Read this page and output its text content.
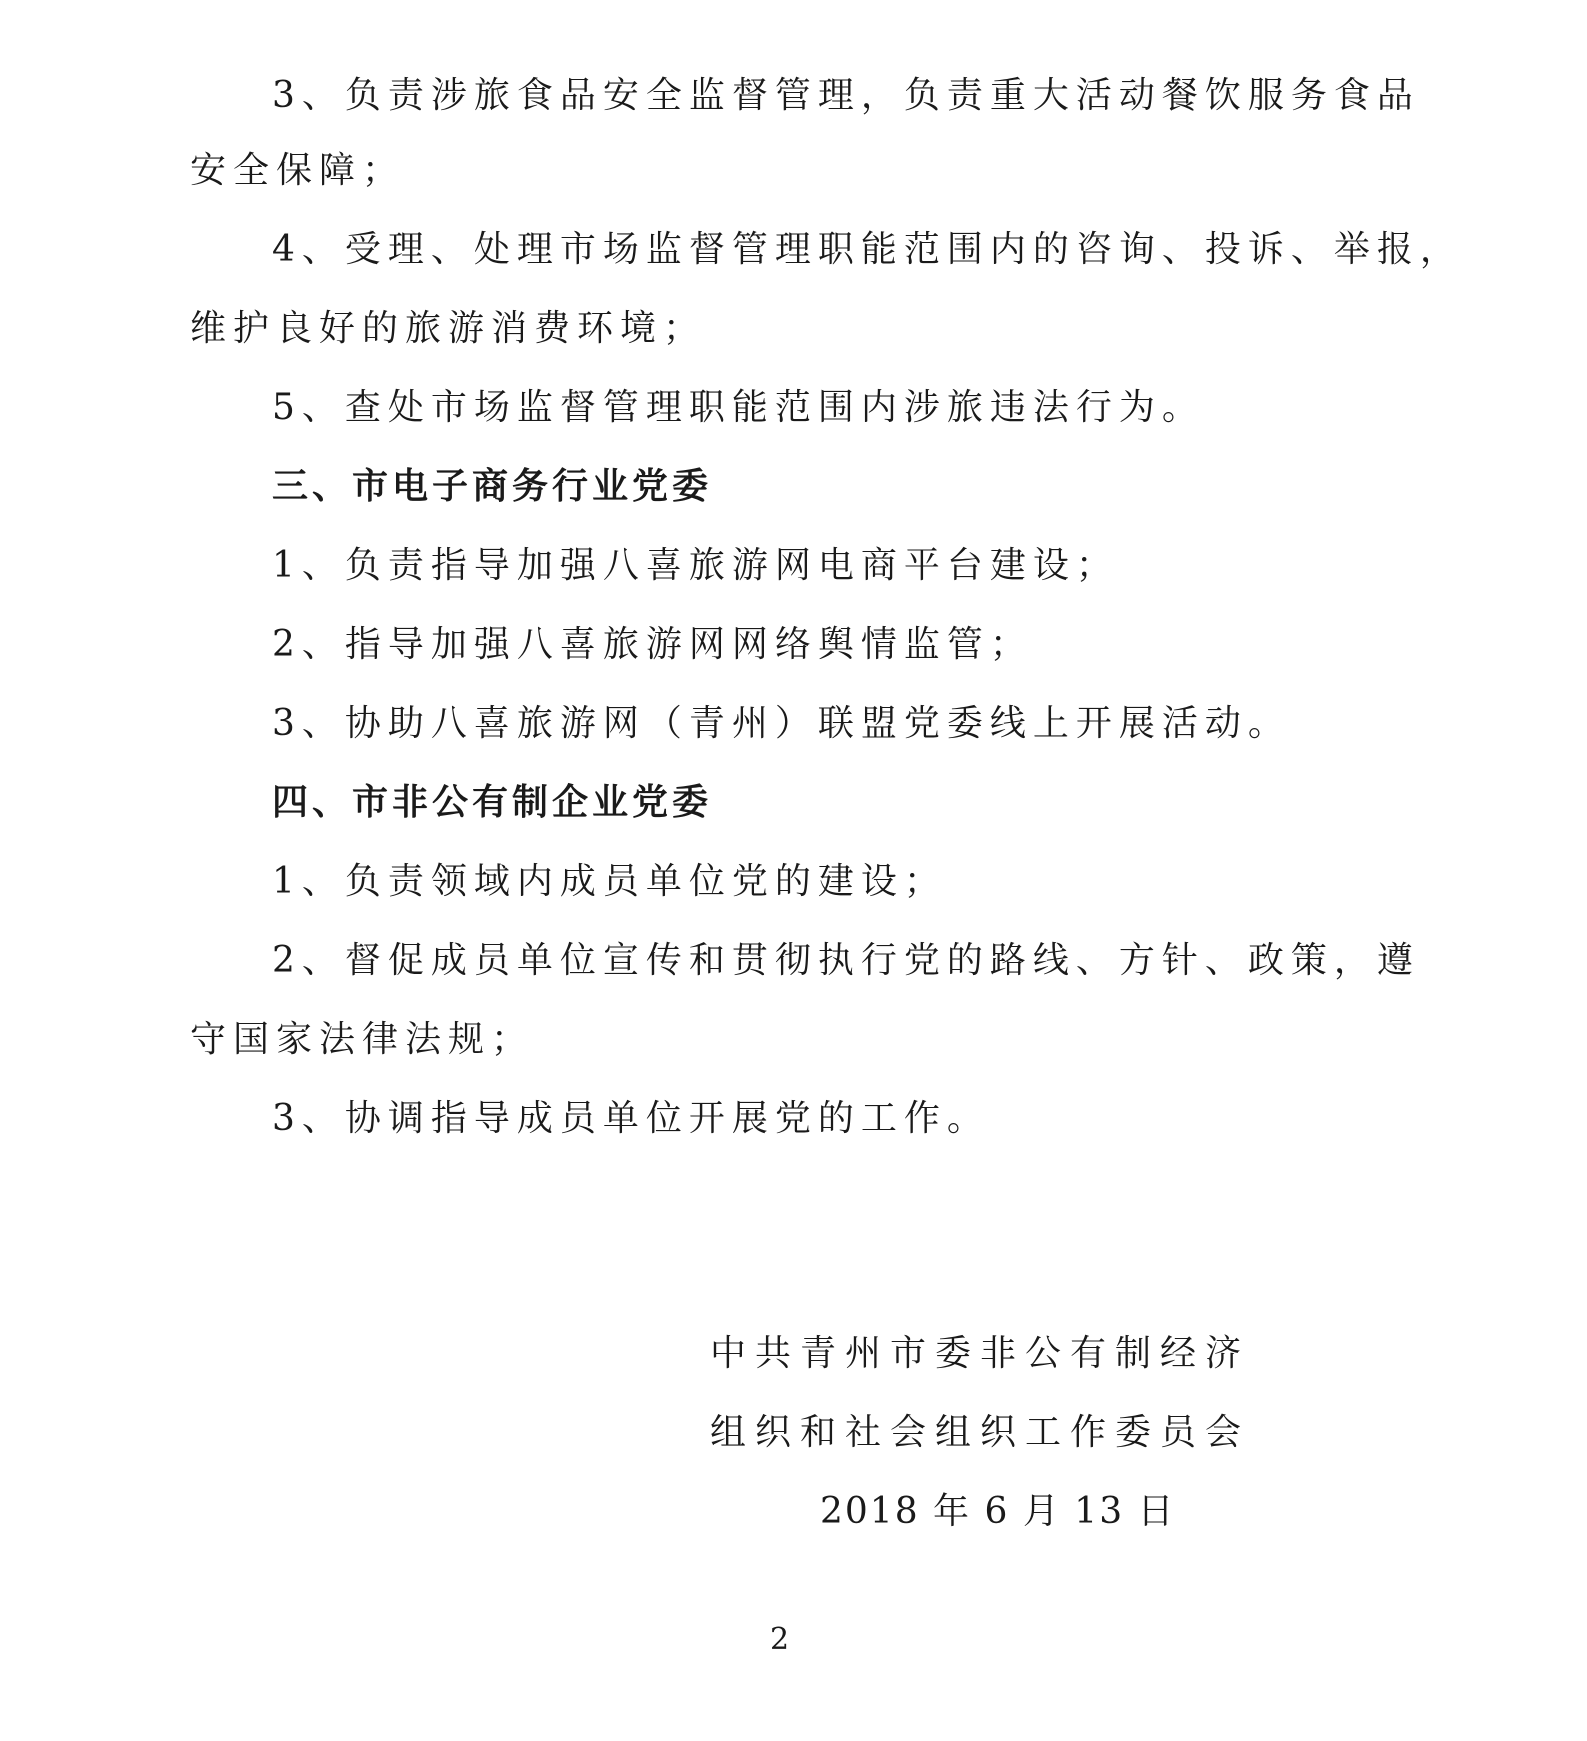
3、负责涉旅食品安全监督管理，负责重大活动餐饮服务食品
安全保障；
4、受理、处理市场监督管理职能范围内的咨询、投诉、举报，
维护良好的旅游消费环境；
5、查处市场监督管理职能范围内涉旅违法行为。
三、市电子商务行业党委
1、负责指导加强八喜旅游网电商平台建设；
2、指导加强八喜旅游网网络舆情监管；
3、协助八喜旅游网（青州）联盟党委线上开展活动。
四、市非公有制企业党委
1、负责领域内成员单位党的建设；
2、督促成员单位宣传和贯彻执行党的路线、方针、政策，遵
守国家法律法规；
3、协调指导成员单位开展党的工作。
中共青州市委非公有制经济
组织和社会组织工作委员会
2018 年 6 月 13 日
2
